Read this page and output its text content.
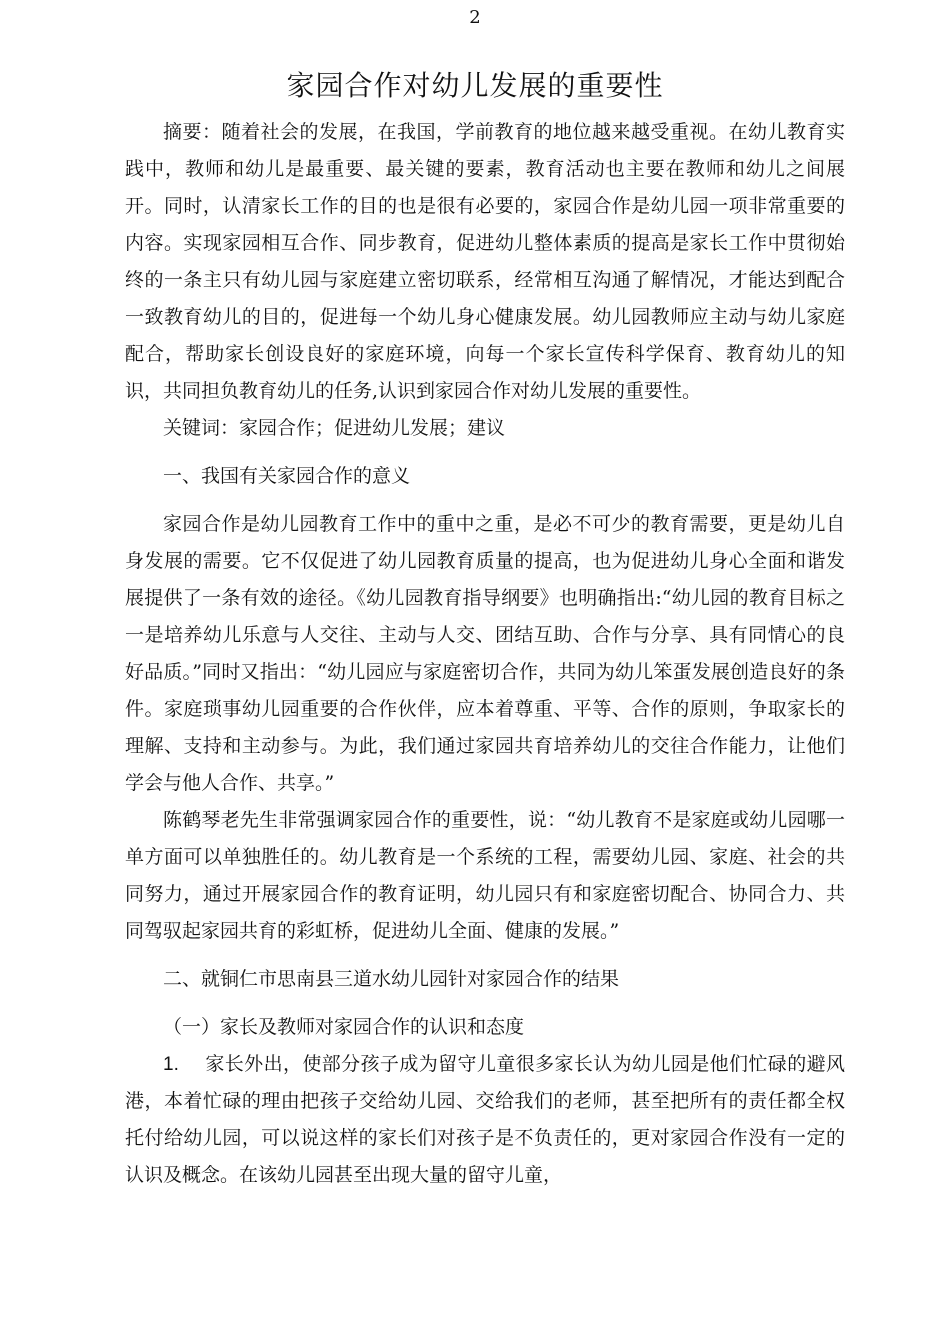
2
家园合作对幼儿发展的重要性

摘要：随着社会的发展，在我国，学前教育的地位越来越受重视。在幼儿教育实践中，教师和幼儿是最重要、最关键的要素，教育活动也主要在教师和幼儿之间展开。同时，认清家长工作的目的也是很有必要的，家园合作是幼儿园一项非常重要的内容。实现家园相互合作、同步教育，促进幼儿整体素质的提高是家长工作中贯彻始终的一条主只有幼儿园与家庭建立密切联系，经常相互沟通了解情况，才能达到配合一致教育幼儿的目的，促进每一个幼儿身心健康发展。幼儿园教师应主动与幼儿家庭配合，帮助家长创设良好的家庭环境，向每一个家长宣传科学保育、教育幼儿的知识，共同担负教育幼儿的任务,认识到家园合作对幼儿发展的重要性。

关键词：家园合作；促进幼儿发展；建议

一、我国有关家园合作的意义

家园合作是幼儿园教育工作中的重中之重，是必不可少的教育需要，更是幼儿自身发展的需要。它不仅促进了幼儿园教育质量的提高，也为促进幼儿身心全面和谐发展提供了一条有效的途径。《幼儿园教育指导纲要》也明确指出:“幼儿园的教育目标之一是培养幼儿乐意与人交往、主动与人交、团结互助、合作与分享、具有同情心的良好品质。”同时又指出：“幼儿园应与家庭密切合作，共同为幼儿笨蛋发展创造良好的条件。家庭琐事幼儿园重要的合作伙伴，应本着尊重、平等、合作的原则，争取家长的理解、支持和主动参与。为此，我们通过家园共育培养幼儿的交往合作能力，让他们学会与他人合作、共享。”

陈鹤琴老先生非常强调家园合作的重要性，说：“幼儿教育不是家庭或幼儿园哪一单方面可以单独胜任的。幼儿教育是一个系统的工程，需要幼儿园、家庭、社会的共同努力，通过开展家园合作的教育证明，幼儿园只有和家庭密切配合、协同合力、共同驾驭起家园共育的彩虹桥，促进幼儿全面、健康的发展。”

二、就铜仁市思南县三道水幼儿园针对家园合作的结果

（一）家长及教师对家园合作的认识和态度

1. 家长外出，使部分孩子成为留守儿童很多家长认为幼儿园是他们忙碌的避风港，本着忙碌的理由把孩子交给幼儿园、交给我们的老师，甚至把所有的责任都全权托付给幼儿园，可以说这样的家长们对孩子是不负责任的，更对家园合作没有一定的认识及概念。在该幼儿园甚至出现大量的留守儿童，
